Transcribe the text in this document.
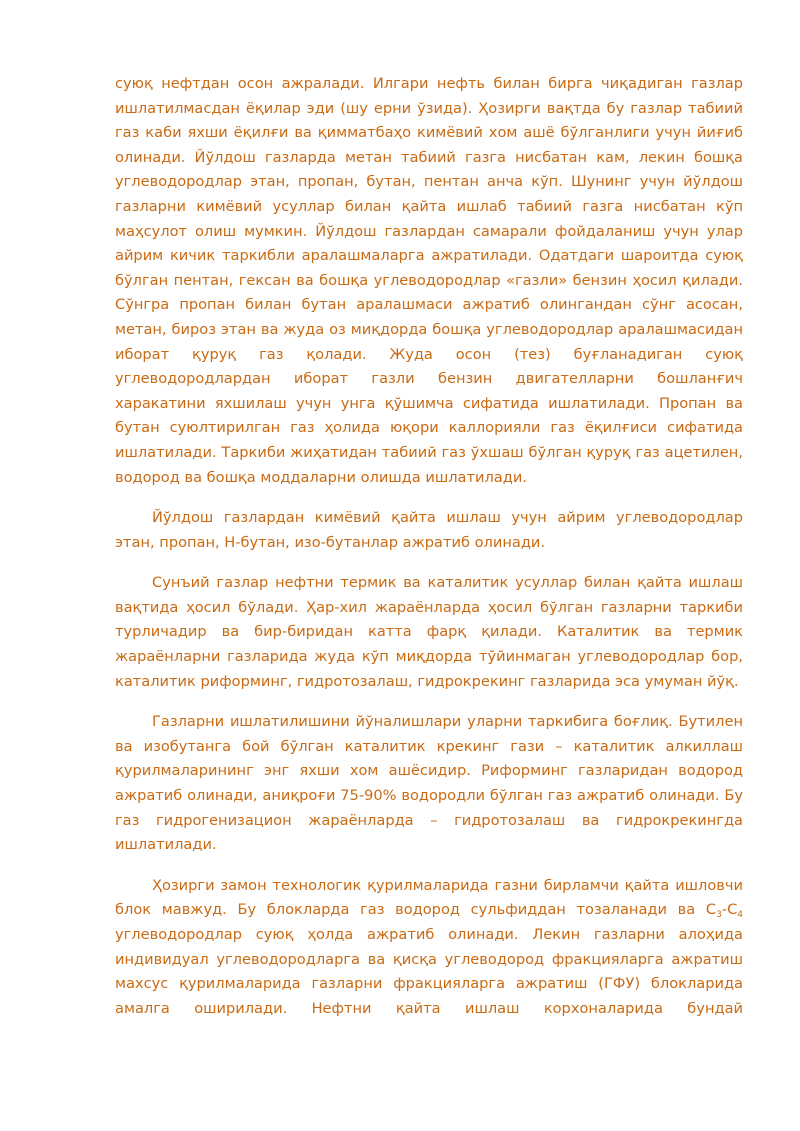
суюқ нефтдан осон ажралади. Илгари нефть билан бирга чиқадиган газлар ишлатилмасдан ёқилар эди (шу ерни ўзида). Ҳозирги вақтда бу газлар табиий газ каби яхши ёқилғи ва қимматбаҳо кимёвий хом ашё бўлганлиги учун йиғиб олинади. Йўлдош газларда метан табиий газга нисбатан кам, лекин бошқа углеводородлар этан, пропан, бутан, пентан анча кўп. Шунинг учун йўлдош газларни кимёвий усуллар билан қайта ишлаб табиий газга нисбатан кўп маҳсулот олиш мумкин. Йўлдош газлардан самарали фойдаланиш учун улар айрим кичик таркибли аралашмаларга ажратилади. Одатдаги шароитда суюқ бўлган пентан, гексан ва бошқа углеводородлар «газли» бензин ҳосил қилади. Сўнгра пропан билан бутан аралашмаси ажратиб олингандан сўнг асосан, метан, бироз этан ва жуда оз миқдорда бошқа углеводородлар аралашмасидан иборат қуруқ газ қолади. Жуда осон (тез) буғланадиган суюқ углеводородлардан иборат газли бензин двигателларни бошланғич харакатини яхшилаш учун унга қўшимча сифатида ишлатилади. Пропан ва бутан суюлтирилган газ ҳолида юқори каллорияли газ ёқилғиси сифатида ишлатилади. Таркиби жиҳатидан табиий газ ўхшаш бўлган қуруқ газ ацетилен, водород ва бошқа моддаларни олишда ишлатилади.

Йўлдош газлардан кимёвий қайта ишлаш учун айрим углеводородлар этан, пропан, Н-бутан, изо-бутанлар ажратиб олинади.

Сунъий газлар нефтни термик ва каталитик усуллар билан қайта ишлаш вақтида ҳосил бўлади. Ҳар-хил жараёнларда ҳосил бўлган газларни таркиби турличадир ва бир-биридан катта фарқ қилади. Каталитик ва термик жараёнларни газларида жуда кўп миқдорда тўйинмаган углеводородлар бор, каталитик риформинг, гидротозалаш, гидрокрекинг газларида эса умуман йўқ.

Газларни ишлатилишини йўналишлари уларни таркибига боғлиқ. Бутилен ва изобутанга бой бўлган каталитик крекинг гази – каталитик алкиллаш қурилмаларининг энг яхши хом ашёсидир. Риформинг газларидан водород ажратиб олинади, аниқроғи 75-90% водородли бўлган газ ажратиб олинади. Бу газ гидрогенизацион жараёнларда – гидротозалаш ва гидрокрекингда ишлатилади.

Ҳозирги замон технологик қурилмаларида газни бирламчи қайта ишловчи блок мавжуд. Бу блокларда газ водород сульфиддан тозаланади ва $С_3-С_4$ углеводородлар суюқ ҳолда ажратиб олинади. Лекин газларни алоҳида индивидуал углеводородларга ва қисқа углеводород фракцияларга ажратиш махсус қурилмаларида газларни фракцияларга ажратиш (ГФУ) блокларида амалга оширилади. Нефтни қайта ишлаш корхоналарида бундай
